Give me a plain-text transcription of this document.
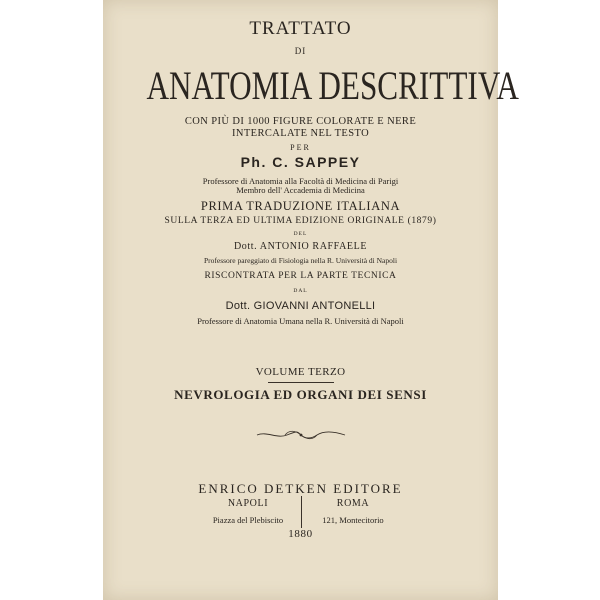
TRATTATO
DI
ANATOMIA DESCRITTIVA
CON PIÙ DI 1000 FIGURE COLORATE E NERE
INTERCALATE NEL TESTO
PER
Ph. C. SAPPEY
Professore di Anatomia alla Facoltà di Medicina di Parigi
Membro dell' Accademia di Medicina
PRIMA TRADUZIONE ITALIANA
SULLA TERZA ED ULTIMA EDIZIONE ORIGINALE (1879)
DEL
Dott. ANTONIO RAFFAELE
Professore pareggiato di Fisiologia nella R. Università di Napoli
RISCONTRATA PER LA PARTE TECNICA
DAL
Dott. GIOVANNI ANTONELLI
Professore di Anatomia Umana nella R. Università di Napoli
VOLUME TERZO
NEVROLOGIA ED ORGANI DEI SENSI
ENRICO DETKEN EDITORE
NAPOLI
Piazza del Plebiscito
ROMA
121, Montecitorio
1880
